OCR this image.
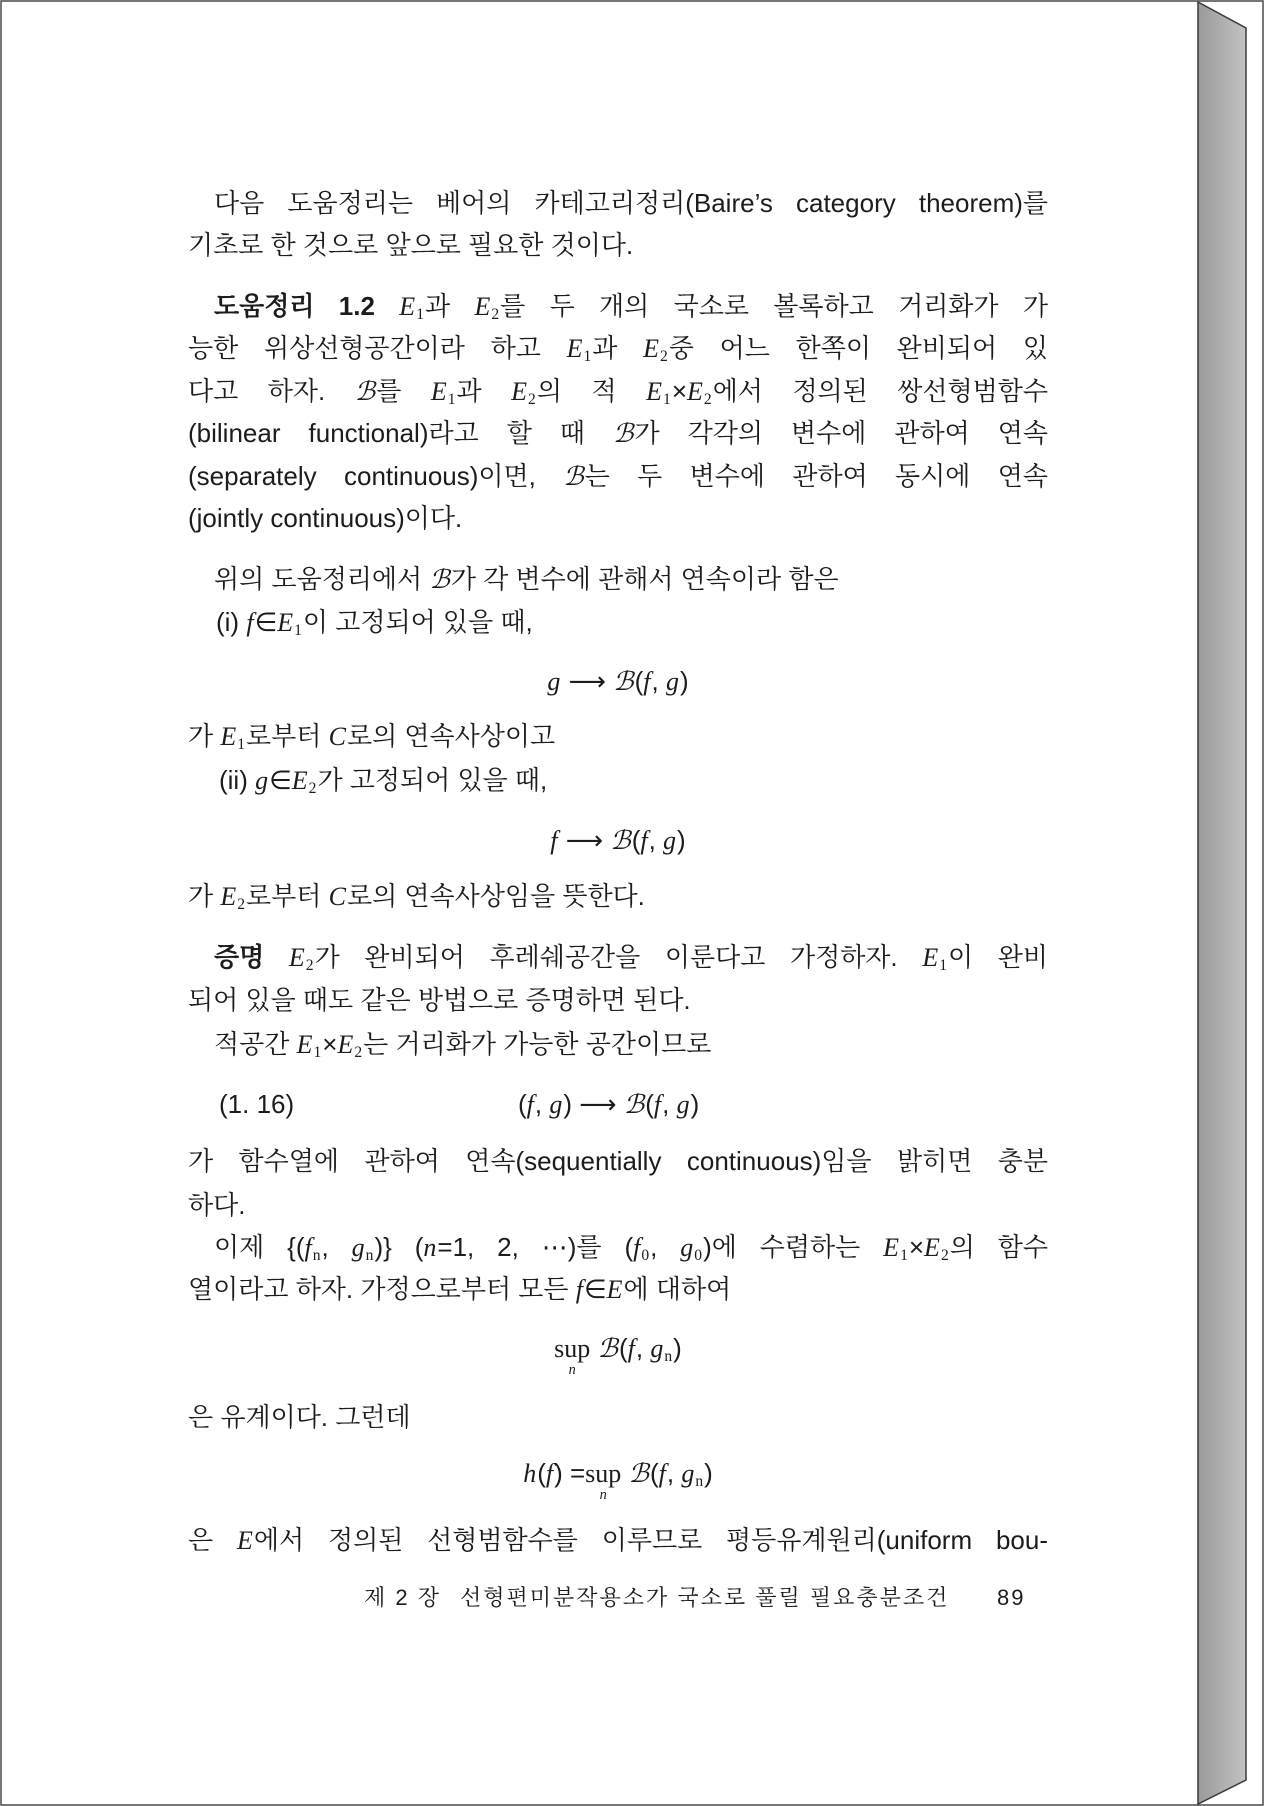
다음 도움정리는 베어의 카테고리정리(Baire’s category theorem)를
기초로 한 것으로 앞으로 필요한 것이다.
도움정리 1.2 E1과 E2를 두 개의 국소로 볼록하고 거리화가 가
능한 위상선형공간이라 하고 E1과 E2중 어느 한쪽이 완비되어 있
다고 하자. ℬ를 E1과 E2의 적 E1×E2에서 정의된 쌍선형범함수
(bilinear functional)라고 할 때 ℬ가 각각의 변수에 관하여 연속
(separately continuous)이면, ℬ는 두 변수에 관하여 동시에 연속
(jointly continuous)이다.
위의 도움정리에서 ℬ가 각 변수에 관해서 연속이라 함은
(i) f∈E1이 고정되어 있을 때,
g ⟶ ℬ(f, g)
가 E1로부터 C로의 연속사상이고
(ii) g∈E2가 고정되어 있을 때,
f ⟶ ℬ(f, g)
가 E2로부터 C로의 연속사상임을 뜻한다.
증명 E2가 완비되어 후레쉐공간을 이룬다고 가정하자. E1이 완비
되어 있을 때도 같은 방법으로 증명하면 된다.
적공간 E1×E2는 거리화가 가능한 공간이므로
(1. 16)	(f, g) ⟶ ℬ(f, g)
가 함수열에 관하여 연속(sequentially continuous)임을 밝히면 충분
하다.
이제 {(fn, gn)} (n=1, 2, ⋯)를 (f0, g0)에 수렴하는 E1×E2의 함수
열이라고 하자. 가정으로부터 모든 f∈E에 대하여
sup
n
ℬ(f, gn)
은 유계이다. 그런데
h(f) = sup
n
ℬ(f, gn)
은 E에서 정의된 선형범함수를 이루므로 평등유계원리(uniform bou-
제 2 장 선형편미분작용소가 국소로 풀릴 필요충분조건 89
